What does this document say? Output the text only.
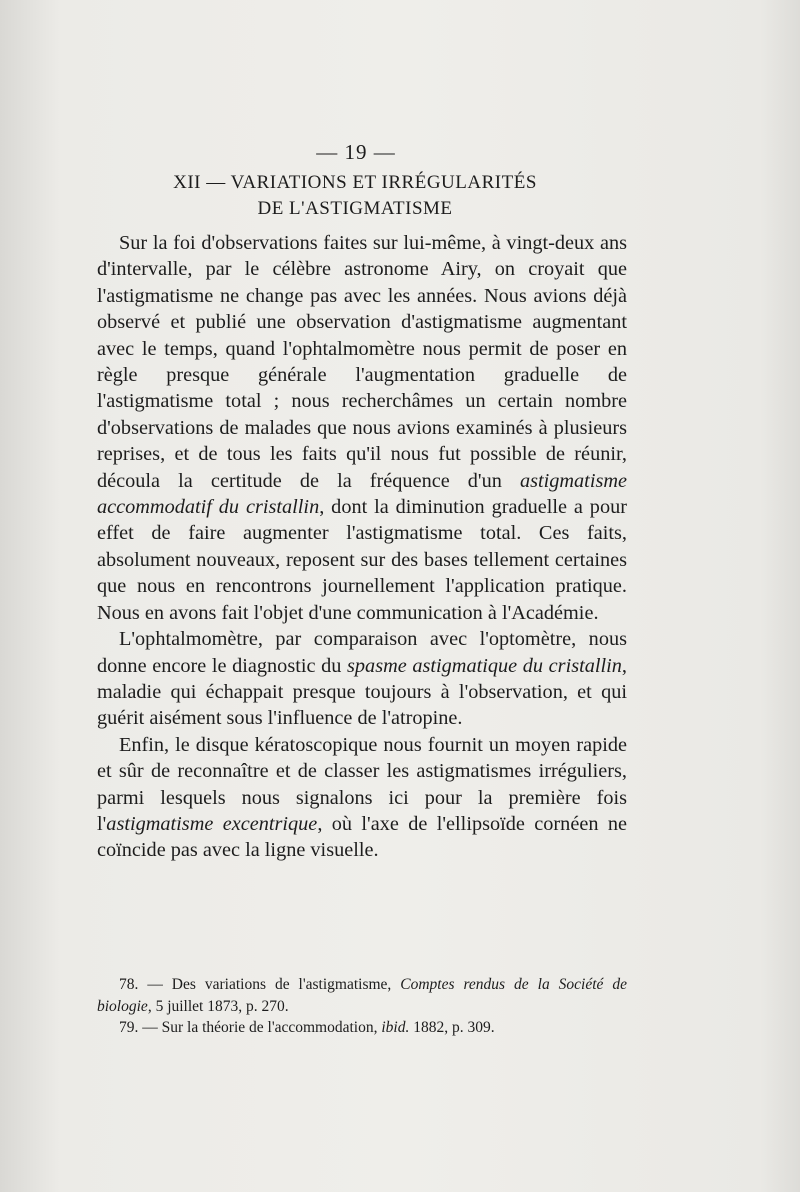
— 19 —
XII — VARIATIONS ET IRRÉGULARITÉS
DE L'ASTIGMATISME

Sur la foi d'observations faites sur lui-même, à vingt-deux ans d'intervalle, par le célèbre astronome Airy, on croyait que l'astigmatisme ne change pas avec les années. Nous avions déjà observé et publié une observation d'astigmatisme augmentant avec le temps, quand l'ophtalmomètre nous permit de poser en règle presque générale l'augmentation graduelle de l'astigmatisme total ; nous recherchâmes un certain nombre d'observations de malades que nous avions examinés à plusieurs reprises, et de tous les faits qu'il nous fut possible de réunir, découla la certitude de la fréquence d'un astigmatisme accommodatif du cristallin, dont la diminution graduelle a pour effet de faire augmenter l'astigmatisme total. Ces faits, absolument nouveaux, reposent sur des bases tellement certaines que nous en rencontrons journellement l'application pratique. Nous en avons fait l'objet d'une communication à l'Académie.

L'ophtalmomètre, par comparaison avec l'optomètre, nous donne encore le diagnostic du spasme astigmatique du cristallin, maladie qui échappait presque toujours à l'observation, et qui guérit aisément sous l'influence de l'atropine.

Enfin, le disque kératoscopique nous fournit un moyen rapide et sûr de reconnaître et de classer les astigmatismes irréguliers, parmi lesquels nous signalons ici pour la première fois l'astigmatisme excentrique, où l'axe de l'ellipsoïde cornéen ne coïncide pas avec la ligne visuelle.

78. — Des variations de l'astigmatisme, Comptes rendus de la Société de biologie, 5 juillet 1873, p. 270.

79. — Sur la théorie de l'accommodation, ibid. 1882, p. 309.
